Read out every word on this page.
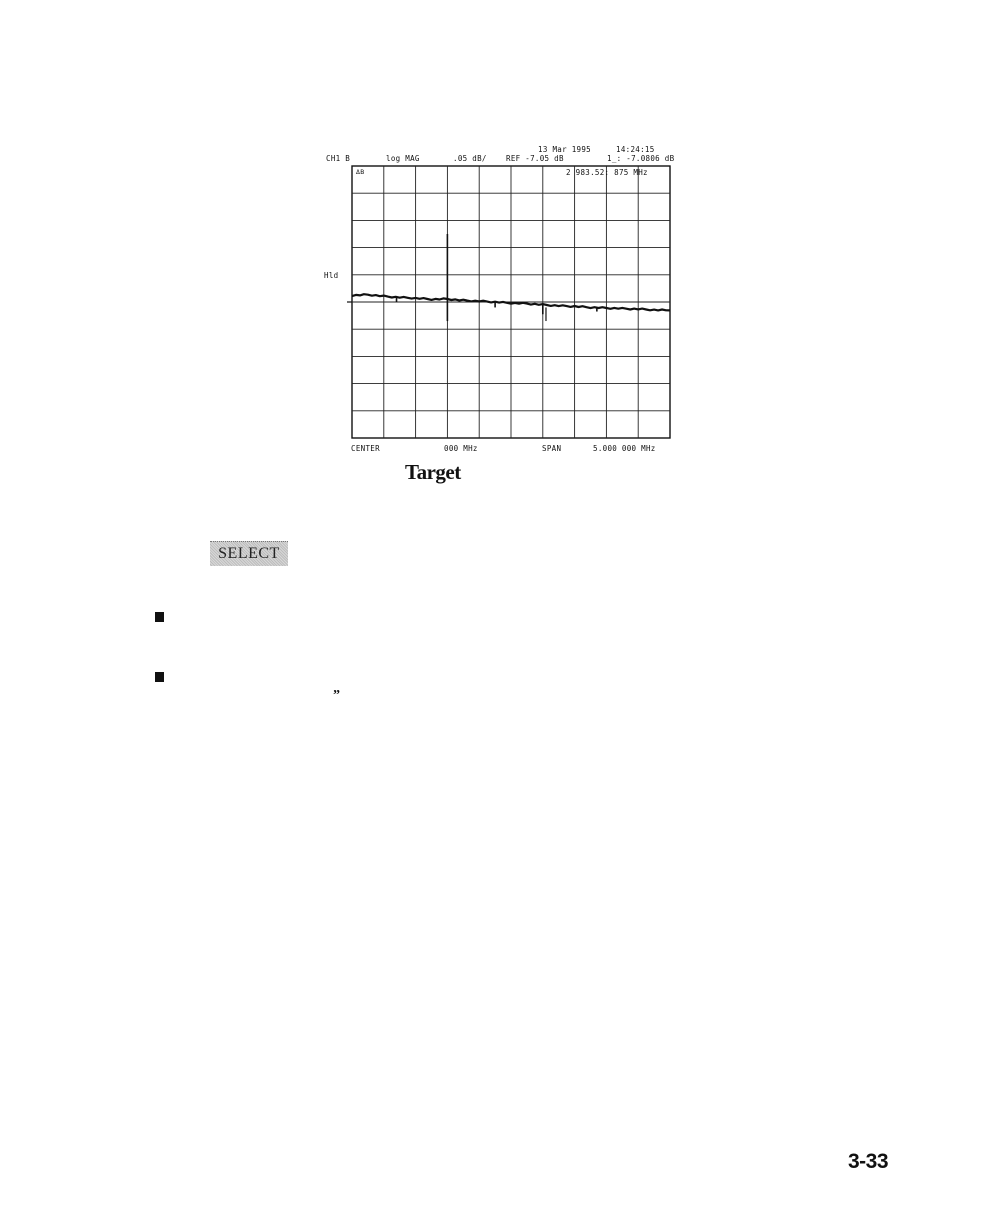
13 Mar 1995	14:24:15
CH1 B	log MAG	.05 dB/	REF -7.05 dB	1_: -7.0806 dB
ΔB	2 983.52: 875 MHz
Hld
CENTER	000 MHz	SPAN	5.000 000 MHz
Target
SELECT
”
3-33
